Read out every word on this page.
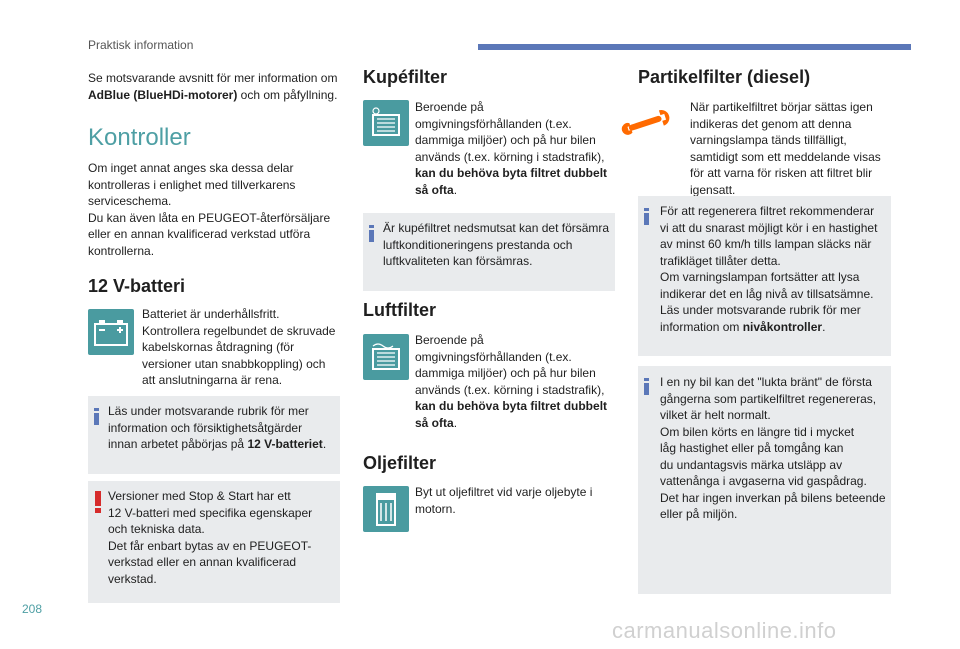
Praktisk information

Se motsvarande avsnitt för mer information om

AdBlue (BlueHDi-motorer) och om påfyllning.

Kontroller

Om inget annat anges ska dessa delar

kontrolleras i enlighet med tillverkarens

serviceschema.

Du kan även låta en PEUGEOT-återförsäljare

eller en annan kvalificerad verkstad utföra

kontrollerna.

12 V-batteri

Batteriet är underhållsfritt.

Kontrollera regelbundet de skruvade

kabelskornas åtdragning (för

versioner utan snabbkoppling) och

att anslutningarna är rena.

Läs under motsvarande rubrik för mer

information och försiktighetsåtgärder

innan arbetet påbörjas på 12 V-batteriet.

Versioner med Stop & Start har ett

12 V-batteri med specifika egenskaper

och tekniska data.

Det får enbart bytas av en PEUGEOT-

verkstad eller en annan kvalificerad

verkstad.

Kupéfilter

Beroende på

omgivningsförhållanden (t.ex.

dammiga miljöer) och på hur bilen

används (t.ex. körning i stadstrafik),

kan du behöva byta filtret dubbelt

så ofta.

Är kupéfiltret nedsmutsat kan det försämra

luftkonditioneringens prestanda och

luftkvaliteten kan försämras.

Luftfilter

Beroende på

omgivningsförhållanden (t.ex.

dammiga miljöer) och på hur bilen

används (t.ex. körning i stadstrafik),

kan du behöva byta filtret dubbelt

så ofta.

Oljefilter

Byt ut oljefiltret vid varje oljebyte i

motorn.

Partikelfilter (diesel)

När partikelfiltret börjar sättas igen

indikeras det genom att denna

varningslampa tänds tillfälligt,

samtidigt som ett meddelande visas

för att varna för risken att filtret blir

igensatt.

För att regenerera filtret rekommenderar

vi att du snarast möjligt kör i en hastighet

av minst 60 km/h tills lampan släcks när

trafikläget tillåter detta.

Om varningslampan fortsätter att lysa

indikerar det en låg nivå av tillsatsämne.

Läs under motsvarande rubrik för mer

information om nivåkontroller.

I en ny bil kan det "lukta bränt" de första

gångerna som partikelfiltret regenereras,

vilket är helt normalt.

Om bilen körts en längre tid i mycket

låg hastighet eller på tomgång kan

du undantagsvis märka utsläpp av

vattenånga i avgaserna vid gaspådrag.

Det har ingen inverkan på bilens beteende

eller på miljön.

208
carmanualsonline.info
